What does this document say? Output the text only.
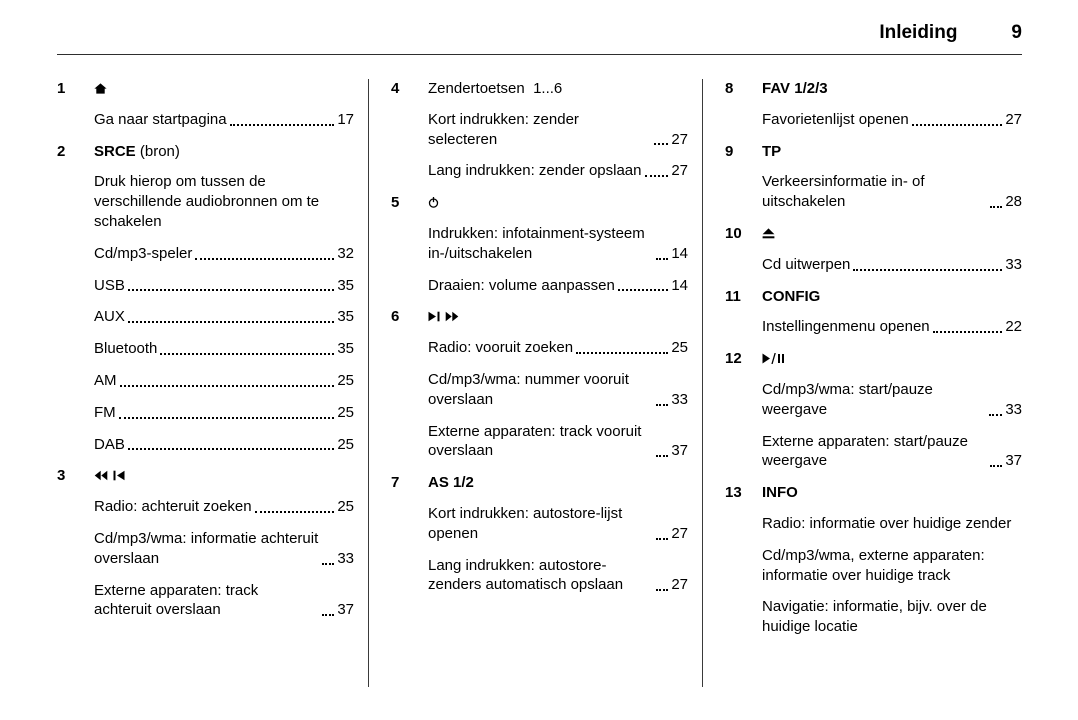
Inleiding	9
1
Ga naar startpagina	17
2	SRCE (bron)
Druk hierop om tussen de verschillende audiobronnen om te schakelen
Cd/mp3-speler	32
USB	35
AUX	35
Bluetooth	35
AM	25
FM	25
DAB	25
3
Radio: achteruit zoeken	25
Cd/mp3/wma: informatie achteruit overslaan	33
Externe apparaten: track achteruit overslaan	37
4	Zendertoetsen  1...6
Kort indrukken: zender selecteren	27
Lang indrukken: zender opslaan 27
5
Indrukken: infotainment-systeem in-/uitschakelen	14
Draaien: volume aanpassen	14
6
Radio: vooruit zoeken	25
Cd/mp3/wma: nummer vooruit overslaan	33
Externe apparaten: track vooruit overslaan	37
7	AS 1/2
Kort indrukken: autostore-lijst openen	27
Lang indrukken: autostore-zenders automatisch opslaan	27
8	FAV 1/2/3
Favorietenlijst openen	27
9	TP
Verkeersinformatie in- of uitschakelen	28
10
Cd uitwerpen	33
11	CONFIG
Instellingenmenu openen	22
12
Cd/mp3/wma: start/pauze weergave	33
Externe apparaten: start/pauze weergave	37
13	INFO
Radio: informatie over huidige zender
Cd/mp3/wma, externe apparaten: informatie over huidige track
Navigatie: informatie, bijv. over de huidige locatie
